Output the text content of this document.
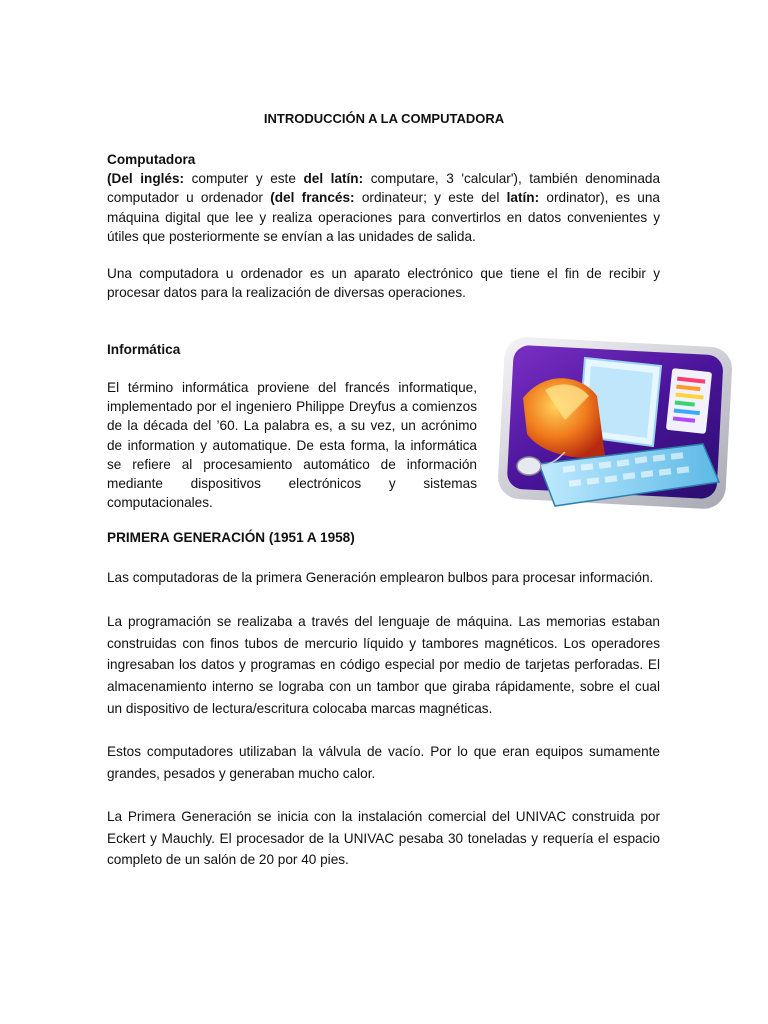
INTRODUCCIÓN A LA COMPUTADORA
Computadora
(Del inglés: computer y este del latín: computare, 3 'calcular'), también denominada computador u ordenador (del francés: ordinateur; y este del latín: ordinator), es una máquina digital que lee y realiza operaciones para convertirlos en datos convenientes y útiles que posteriormente se envían a las unidades de salida.
Una computadora u ordenador es un aparato electrónico que tiene el fin de recibir y procesar datos para la realización de diversas operaciones.
Informática
El término informática proviene del francés informatique, implementado por el ingeniero Philippe Dreyfus a comienzos de la década del ’60. La palabra es, a su vez, un acrónimo de information y automatique. De esta forma, la informática se refiere al procesamiento automático de información mediante dispositivos electrónicos y sistemas computacionales.
PRIMERA GENERACIÓN (1951 A 1958)
Las computadoras de la primera Generación emplearon bulbos para procesar información.
La programación se realizaba a través del lenguaje de máquina. Las memorias estaban construidas con finos tubos de mercurio líquido y tambores magnéticos. Los operadores ingresaban los datos y programas en código especial por medio de tarjetas perforadas. El almacenamiento interno se lograba con un tambor que giraba rápidamente, sobre el cual un dispositivo de lectura/escritura colocaba marcas magnéticas.
Estos computadores utilizaban la válvula de vacío. Por lo que eran equipos sumamente grandes, pesados y generaban mucho calor.
La Primera Generación se inicia con la instalación comercial del UNIVAC construida por Eckert y Mauchly. El procesador de la UNIVAC pesaba 30 toneladas y requería el espacio completo de un salón de 20 por 40 pies.
